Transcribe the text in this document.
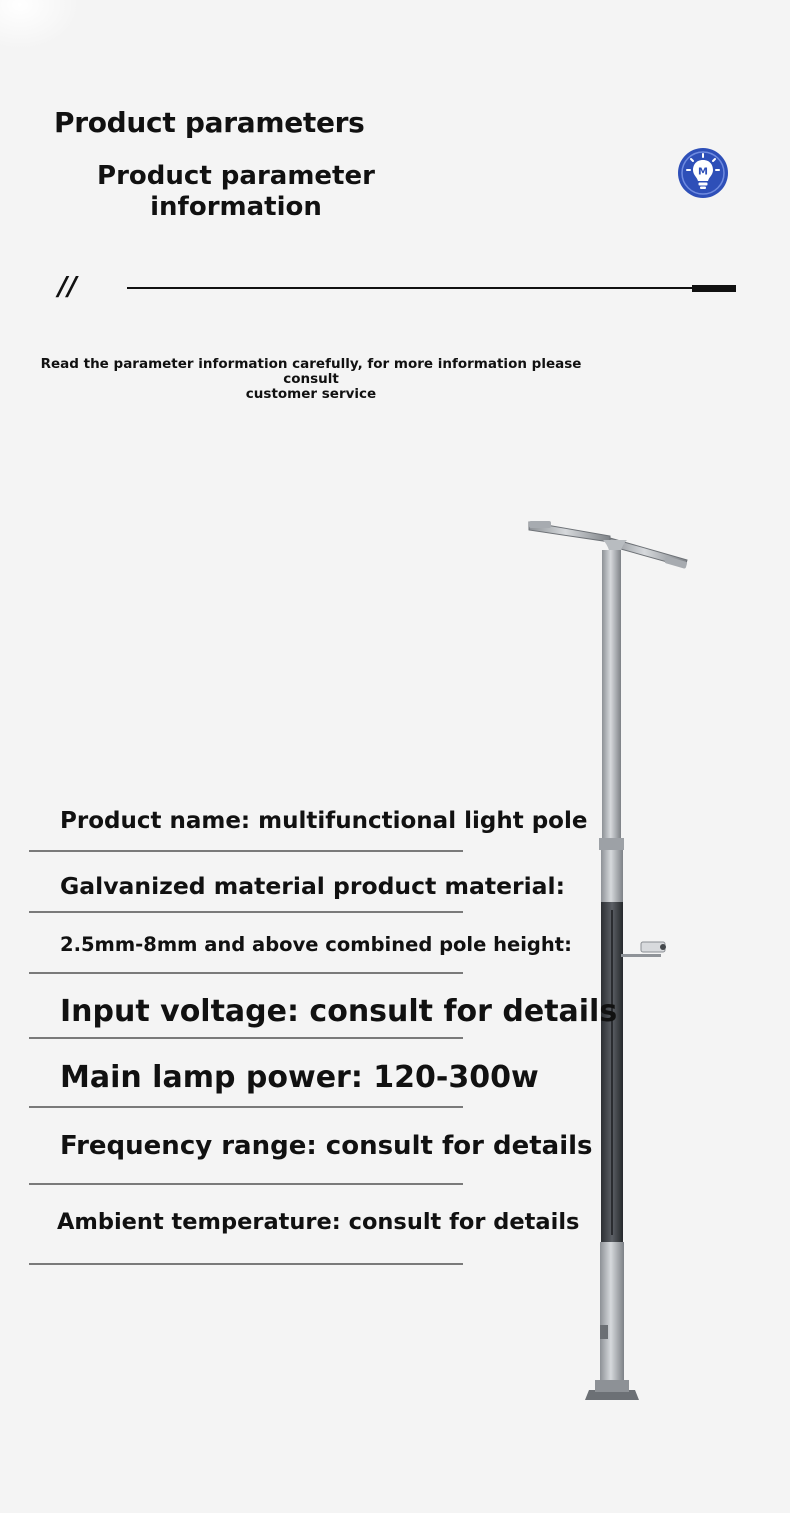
Product parameters
Product parameter
information
M
//
Read the parameter information carefully, for more information please consult
customer service
Product name: multifunctional light pole
Galvanized material product material:
2.5mm-8mm and above combined pole height:
Input voltage: consult for details
Main lamp power: 120-300w
Frequency range: consult for details
Ambient temperature: consult for details
